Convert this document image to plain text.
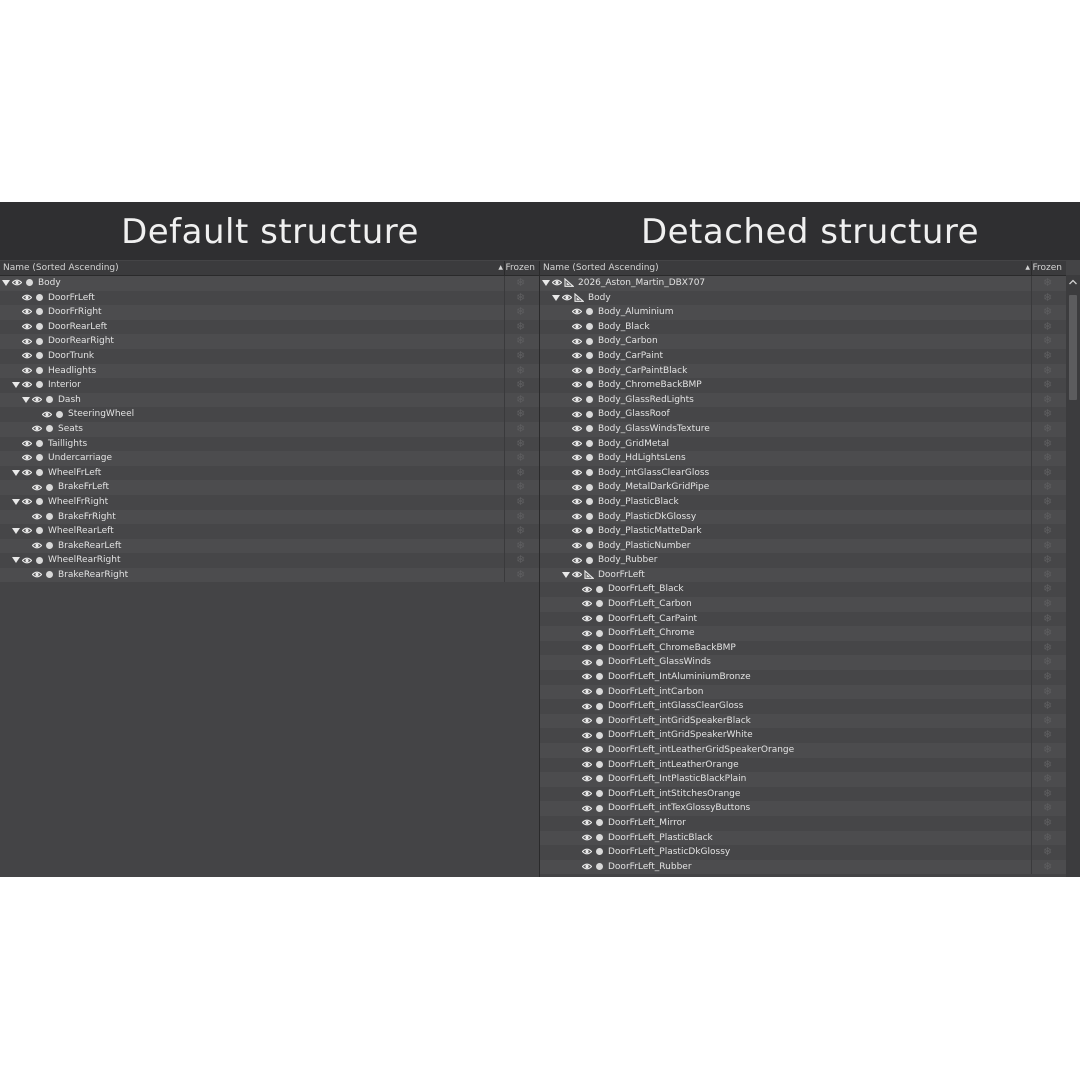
Default structure	Detached structure
Name (Sorted Ascending)	▲ Frozen
Body	❄
DoorFrLeft	❄
DoorFrRight	❄
DoorRearLeft	❄
DoorRearRight	❄
DoorTrunk	❄
Headlights	❄
Interior	❄
Dash	❄
SteeringWheel	❄
Seats	❄
Taillights	❄
Undercarriage	❄
WheelFrLeft	❄
BrakeFrLeft	❄
WheelFrRight	❄
BrakeFrRight	❄
WheelRearLeft	❄
BrakeRearLeft	❄
WheelRearRight	❄
BrakeRearRight	❄
Name (Sorted Ascending)	▲ Frozen
2026_Aston_Martin_DBX707	❄
Body	❄
Body_Aluminium	❄
Body_Black	❄
Body_Carbon	❄
Body_CarPaint	❄
Body_CarPaintBlack	❄
Body_ChromeBackBMP	❄
Body_GlassRedLights	❄
Body_GlassRoof	❄
Body_GlassWindsTexture	❄
Body_GridMetal	❄
Body_HdLightsLens	❄
Body_intGlassClearGloss	❄
Body_MetalDarkGridPipe	❄
Body_PlasticBlack	❄
Body_PlasticDkGlossy	❄
Body_PlasticMatteDark	❄
Body_PlasticNumber	❄
Body_Rubber	❄
DoorFrLeft	❄
DoorFrLeft_Black	❄
DoorFrLeft_Carbon	❄
DoorFrLeft_CarPaint	❄
DoorFrLeft_Chrome	❄
DoorFrLeft_ChromeBackBMP	❄
DoorFrLeft_GlassWinds	❄
DoorFrLeft_IntAluminiumBronze	❄
DoorFrLeft_intCarbon	❄
DoorFrLeft_intGlassClearGloss	❄
DoorFrLeft_intGridSpeakerBlack	❄
DoorFrLeft_intGridSpeakerWhite	❄
DoorFrLeft_intLeatherGridSpeakerOrange	❄
DoorFrLeft_intLeatherOrange	❄
DoorFrLeft_IntPlasticBlackPlain	❄
DoorFrLeft_intStitchesOrange	❄
DoorFrLeft_intTexGlossyButtons	❄
DoorFrLeft_Mirror	❄
DoorFrLeft_PlasticBlack	❄
DoorFrLeft_PlasticDkGlossy	❄
DoorFrLeft_Rubber	❄
